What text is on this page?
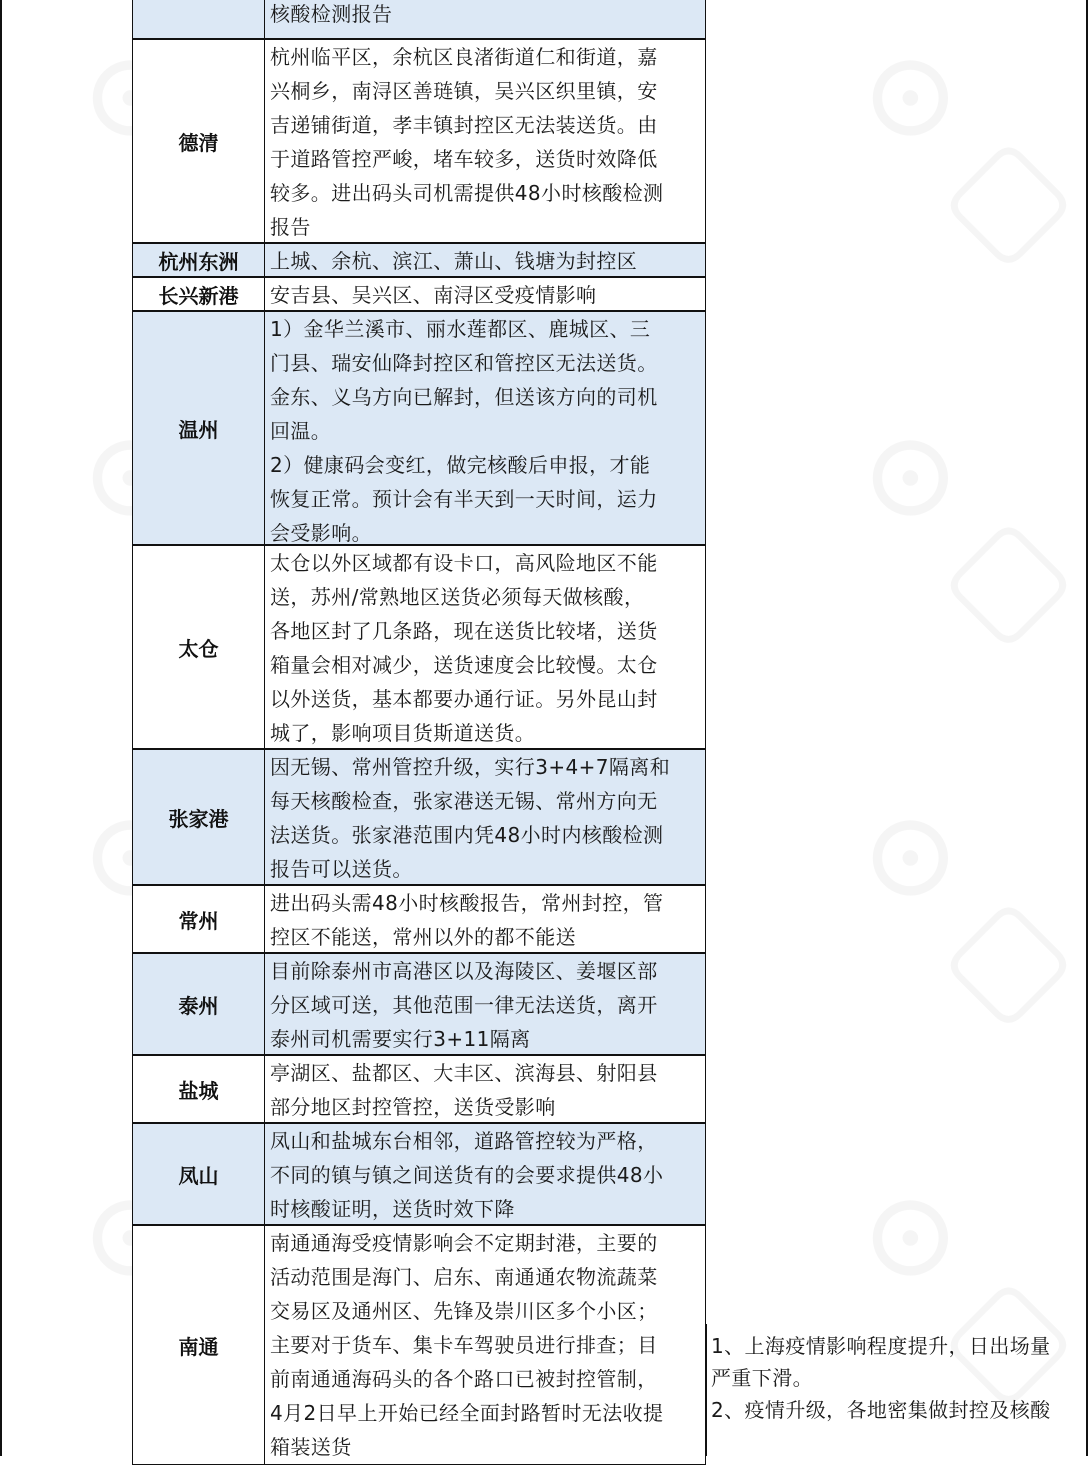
核酸检测报告
德清
杭州临平区，余杭区良渚街道仁和街道，嘉
兴桐乡，南浔区善琏镇，吴兴区织里镇，安
吉递铺街道，孝丰镇封控区无法装送货。由
于道路管控严峻，堵车较多，送货时效降低
较多。进出码头司机需提供48小时核酸检测
报告
杭州东洲	上城、余杭、滨江、萧山、钱塘为封控区
长兴新港	安吉县、吴兴区、南浔区受疫情影响
温州
1）金华兰溪市、丽水莲都区、鹿城区、三
门县、瑞安仙降封控区和管控区无法送货。
金东、义乌方向已解封，但送该方向的司机
回温。
2）健康码会变红，做完核酸后申报，才能
恢复正常。预计会有半天到一天时间，运力
会受影响。
太仓
太仓以外区域都有设卡口，高风险地区不能
送，苏州/常熟地区送货必须每天做核酸，
各地区封了几条路，现在送货比较堵，送货
箱量会相对减少，送货速度会比较慢。太仓
以外送货，基本都要办通行证。另外昆山封
城了，影响项目货斯道送货。
张家港
因无锡、常州管控升级，实行3+4+7隔离和
每天核酸检查，张家港送无锡、常州方向无
法送货。张家港范围内凭48小时内核酸检测
报告可以送货。
常州
进出码头需48小时核酸报告，常州封控，管
控区不能送，常州以外的都不能送
泰州
目前除泰州市高港区以及海陵区、姜堰区部
分区域可送，其他范围一律无法送货，离开
泰州司机需要实行3+11隔离
盐城
亭湖区、盐都区、大丰区、滨海县、射阳县
部分地区封控管控，送货受影响
凤山
凤山和盐城东台相邻，道路管控较为严格，
不同的镇与镇之间送货有的会要求提供48小
时核酸证明，送货时效下降
南通
南通通海受疫情影响会不定期封港，主要的
活动范围是海门、启东、南通通农物流蔬菜
交易区及通州区、先锋及崇川区多个小区；
主要对于货车、集卡车驾驶员进行排查；目
前南通通海码头的各个路口已被封控管制，
4月2日早上开始已经全面封路暂时无法收提
箱装送货
1、上海疫情影响程度提升，日出场量
严重下滑。
2、疫情升级，各地密集做封控及核酸
